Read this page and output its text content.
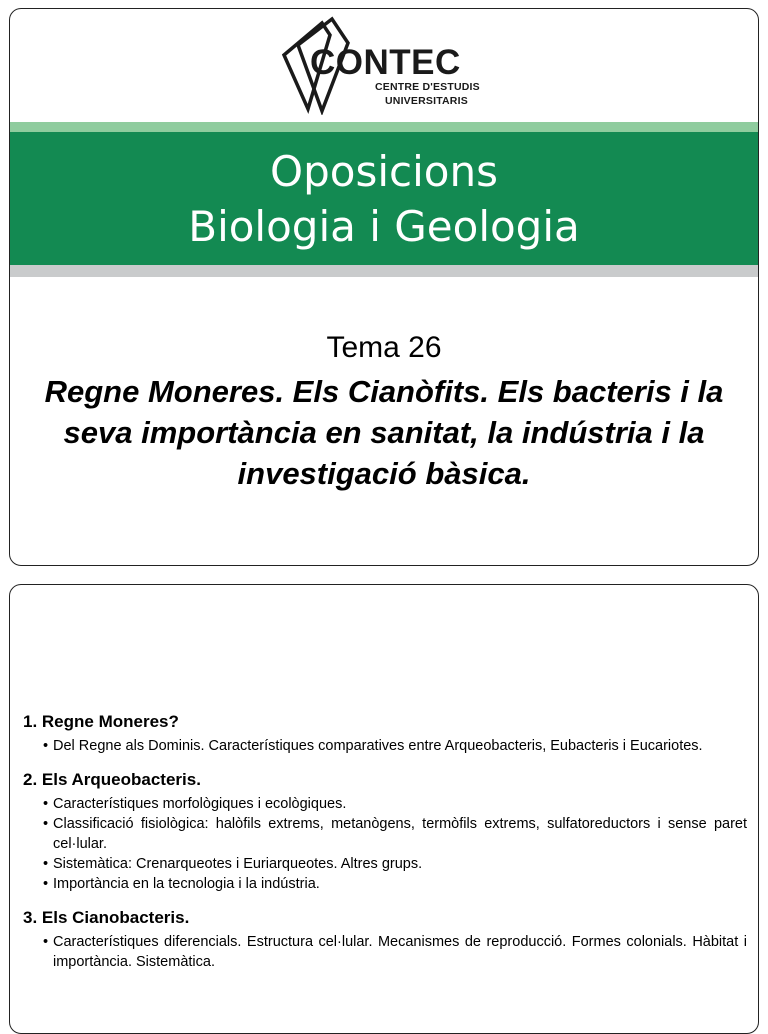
CONTEC
CENTRE D'ESTUDIS
UNIVERSITARIS
Oposicions
Biologia i Geologia
Tema 26
Regne Moneres. Els Cianòfits. Els bacteris i la seva importància en sanitat, la indústria i la investigació bàsica.
1. Regne Moneres?
• Del Regne als Dominis. Característiques comparatives entre Arqueobacteris, Eubacteris i Eucariotes.
2. Els Arqueobacteris.
• Característiques morfològiques i ecològiques.
• Classificació fisiològica: halòfils extrems, metanògens, termòfils extrems, sulfatoreductors i sense paret cel·lular.
• Sistemàtica: Crenarqueotes i Euriarqueotes. Altres grups.
• Importància en la tecnologia i la indústria.
3. Els Cianobacteris.
• Característiques diferencials. Estructura cel·lular. Mecanismes de reproducció. Formes colonials. Hàbitat i importància. Sistemàtica.
